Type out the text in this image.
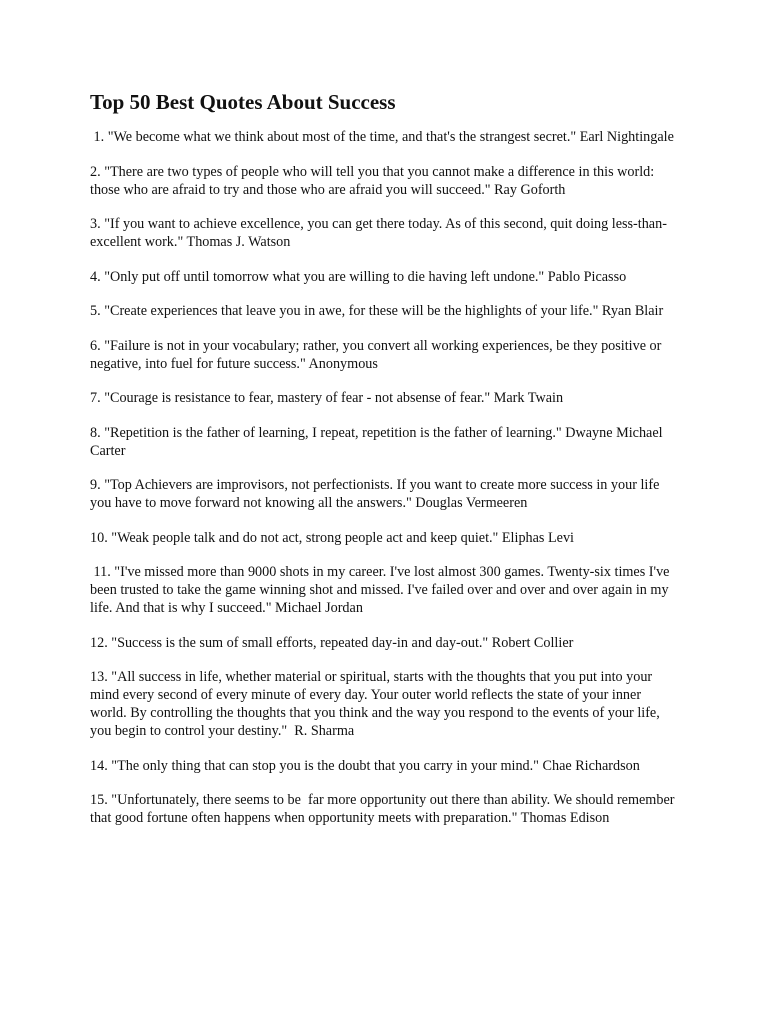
Top 50 Best Quotes About Success
1. "We become what we think about most of the time, and that's the strangest secret." Earl Nightingale
2. "There are two types of people who will tell you that you cannot make a difference in this world: those who are afraid to try and those who are afraid you will succeed." Ray Goforth
3. "If you want to achieve excellence, you can get there today. As of this second, quit doing less-than-excellent work." Thomas J. Watson
4. "Only put off until tomorrow what you are willing to die having left undone." Pablo Picasso
5. "Create experiences that leave you in awe, for these will be the highlights of your life." Ryan Blair
6. "Failure is not in your vocabulary; rather, you convert all working experiences, be they positive or negative, into fuel for future success." Anonymous
7. "Courage is resistance to fear, mastery of fear - not absense of fear." Mark Twain
8. "Repetition is the father of learning, I repeat, repetition is the father of learning." Dwayne Michael Carter
9. "Top Achievers are improvisors, not perfectionists. If you want to create more success in your life you have to move forward not knowing all the answers." Douglas Vermeeren
10. "Weak people talk and do not act, strong people act and keep quiet." Eliphas Levi
11. "I've missed more than 9000 shots in my career. I've lost almost 300 games. Twenty-six times I've been trusted to take the game winning shot and missed. I've failed over and over and over again in my life. And that is why I succeed." Michael Jordan
12. "Success is the sum of small efforts, repeated day-in and day-out." Robert Collier
13. "All success in life, whether material or spiritual, starts with the thoughts that you put into your mind every second of every minute of every day. Your outer world reflects the state of your inner world. By controlling the thoughts that you think and the way you respond to the events of your life, you begin to control your destiny."  R. Sharma
14. "The only thing that can stop you is the doubt that you carry in your mind." Chae Richardson
15. "Unfortunately, there seems to be  far more opportunity out there than ability. We should remember that good fortune often happens when opportunity meets with preparation." Thomas Edison
